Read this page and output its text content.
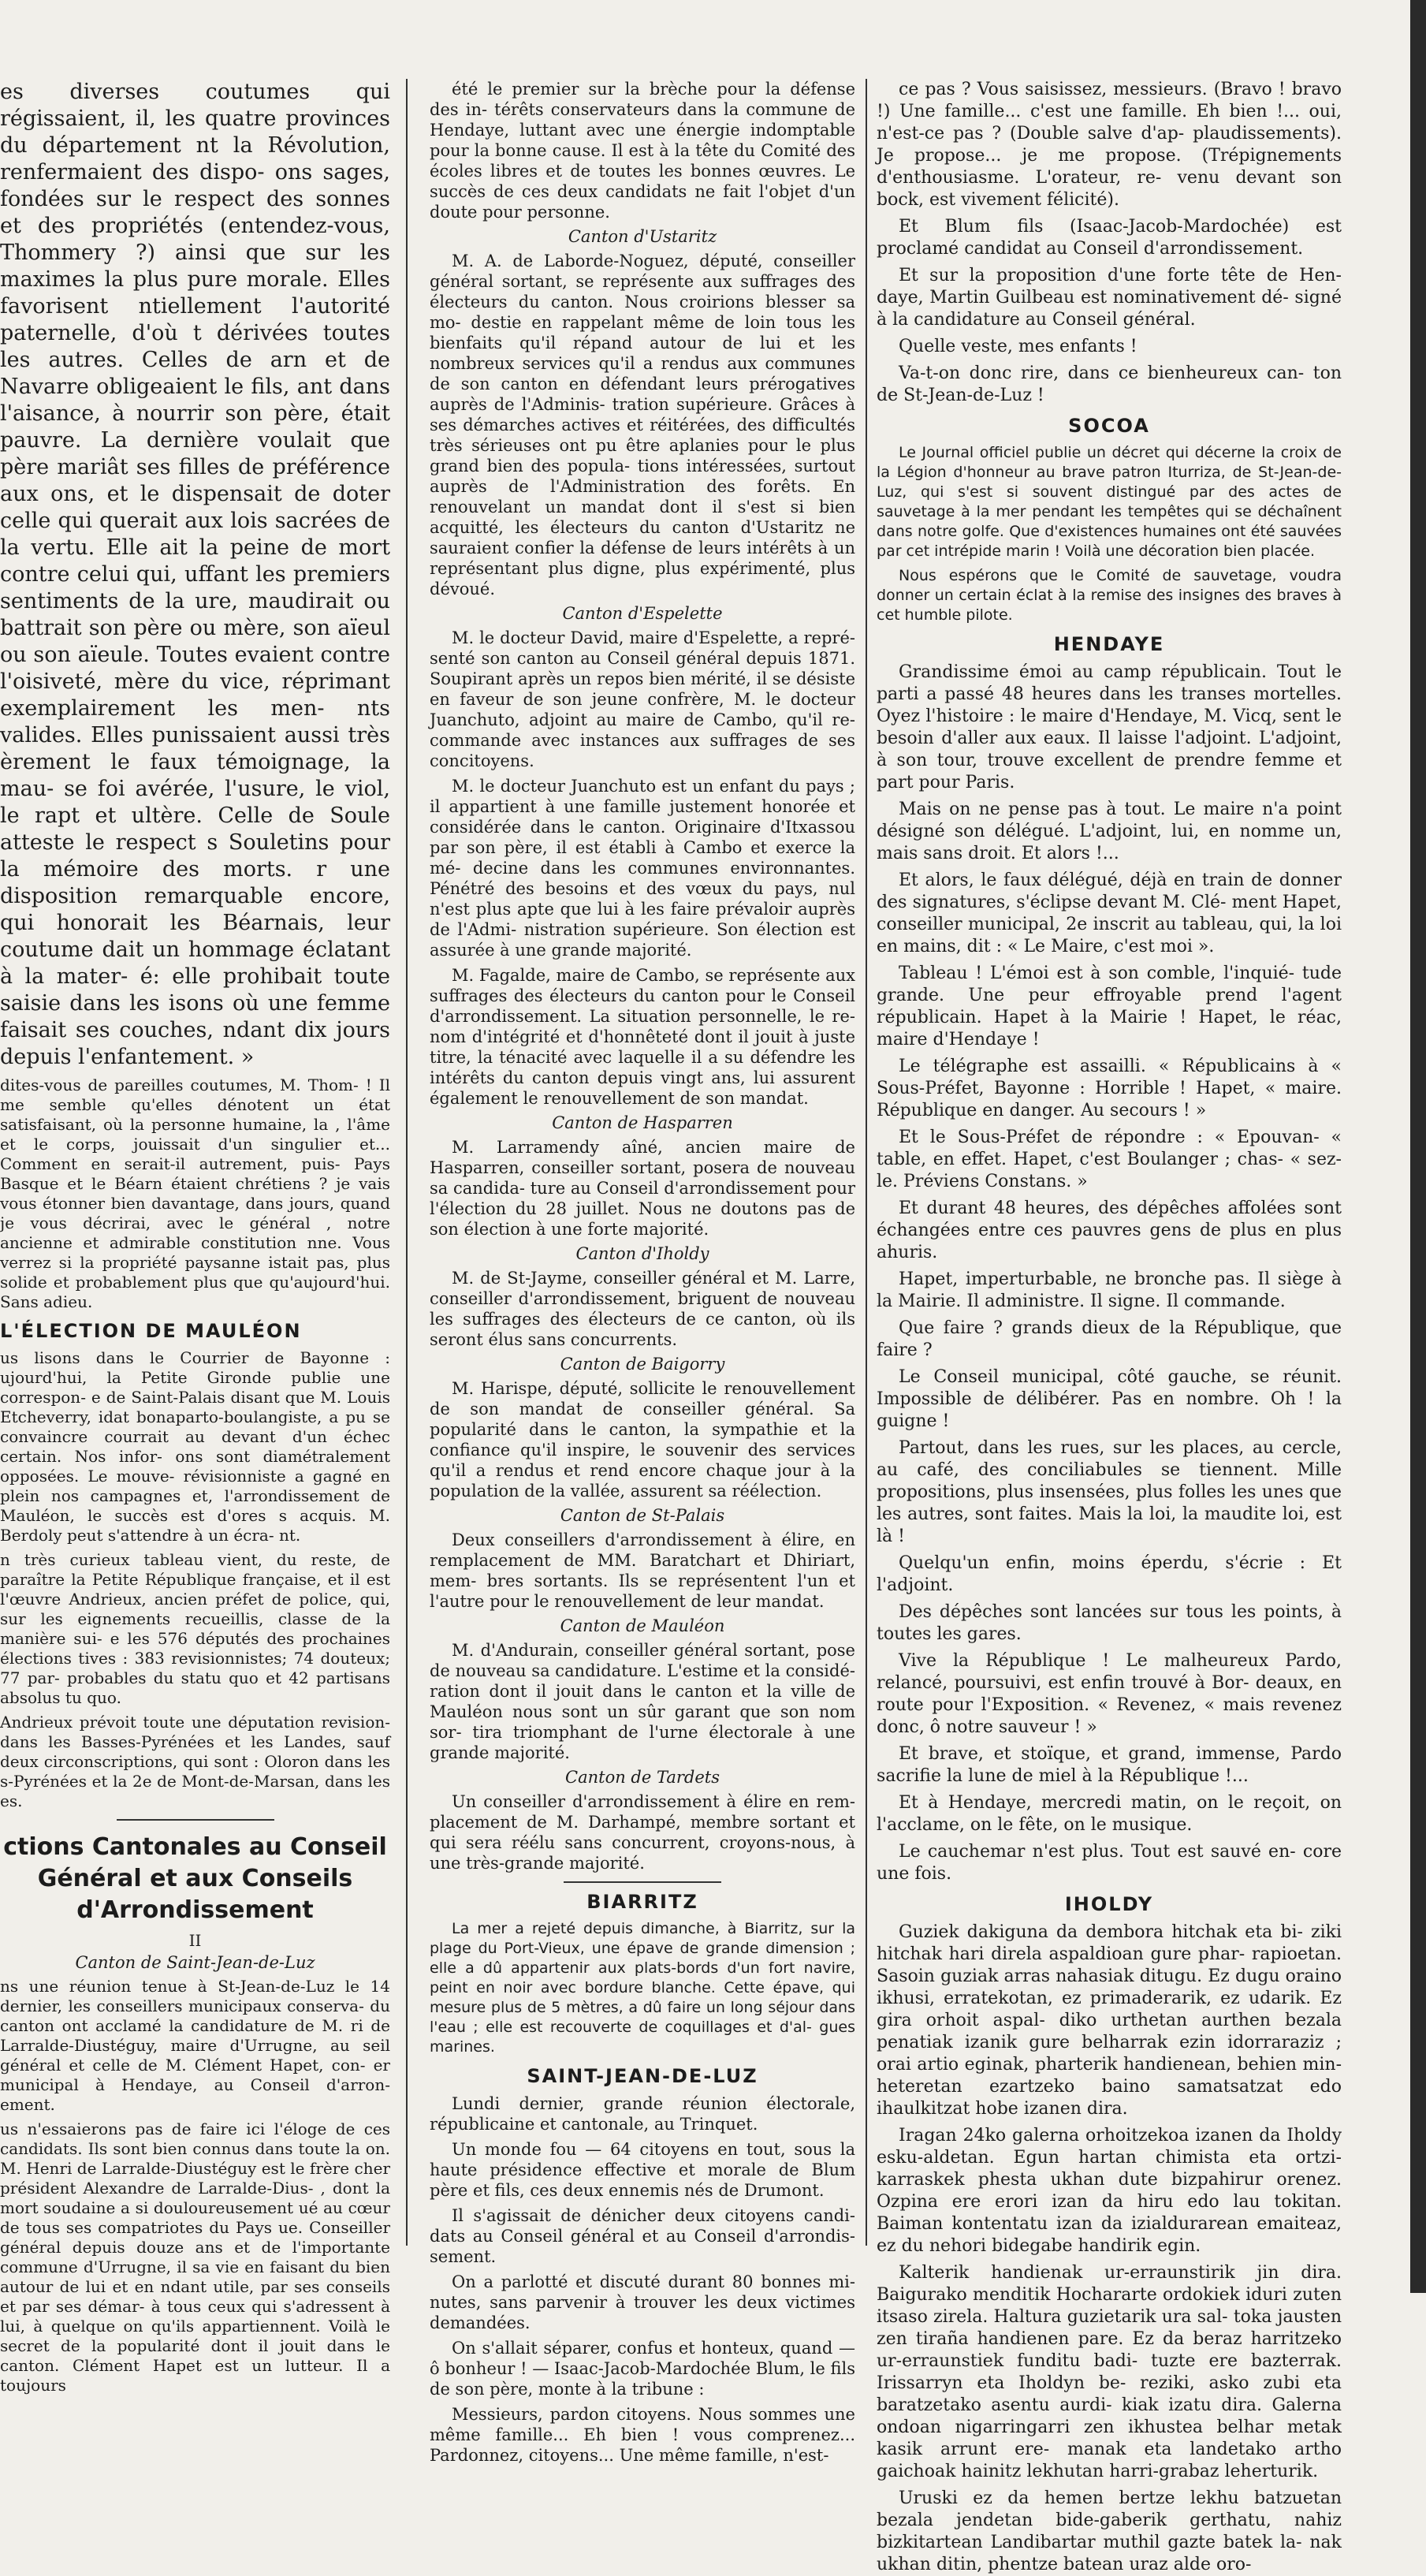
es diverses coutumes qui régissaient, il, les quatre provinces du département nt la Révolution, renfermaient des dispo- ons sages, fondées sur le respect des sonnes et des propriétés (entendez-vous, Thommery ?) ainsi que sur les maximes la plus pure morale. Elles favorisent ntiellement l'autorité paternelle, d'où t dérivées toutes les autres. Celles de arn et de Navarre obligeaient le fils, ant dans l'aisance, à nourrir son père, était pauvre. La dernière voulait que père mariât ses filles de préférence aux ons, et le dispensait de doter celle qui querait aux lois sacrées de la vertu. Elle ait la peine de mort contre celui qui, uffant les premiers sentiments de la ure, maudirait ou battrait son père ou mère, son aïeul ou son aïeule. Toutes evaient contre l'oisiveté, mère du vice, réprimant exemplairement les men- nts valides. Elles punissaient aussi très èrement le faux témoignage, la mau- se foi avérée, l'usure, le viol, le rapt et ultère. Celle de Soule atteste le respect s Souletins pour la mémoire des morts. r une disposition remarquable encore, qui honorait les Béarnais, leur coutume dait un hommage éclatant à la mater- é: elle prohibait toute saisie dans les isons où une femme faisait ses couches, ndant dix jours depuis l'enfantement. »

dites-vous de pareilles coutumes, M. Thom- ! Il me semble qu'elles dénotent un état satisfaisant, où la personne humaine, la , l'âme et le corps, jouissait d'un singulier et... Comment en serait-il autrement, puis- Pays Basque et le Béarn étaient chrétiens ? je vais vous étonner bien davantage, dans jours, quand je vous décrirai, avec le général , notre ancienne et admirable constitution nne. Vous verrez si la propriété paysanne istait pas, plus solide et probablement plus que qu'aujourd'hui. Sans adieu.

L'ÉLECTION DE MAULÉON

us lisons dans le Courrier de Bayonne : ujourd'hui, la Petite Gironde publie une correspon- e de Saint-Palais disant que M. Louis Etcheverry, idat bonaparto-boulangiste, a pu se convaincre courrait au devant d'un échec certain. Nos infor- ons sont diamétralement opposées. Le mouve- révisionniste a gagné en plein nos campagnes et, l'arrondissement de Mauléon, le succès est d'ores s acquis. M. Berdoly peut s'attendre à un écra- nt.

n très curieux tableau vient, du reste, de paraître la Petite République française, et il est l'œuvre Andrieux, ancien préfet de police, qui, sur les eignements recueillis, classe de la manière sui- e les 576 députés des prochaines élections tives : 383 revisionnistes; 74 douteux; 77 par- probables du statu quo et 42 partisans absolus tu quo.

Andrieux prévoit toute une députation revision- dans les Basses-Pyrénées et les Landes, sauf deux circonscriptions, qui sont : Oloron dans les s-Pyrénées et la 2e de Mont-de-Marsan, dans les es.

ctions Cantonales au Conseil Général et aux Conseils d'Arrondissement
II
Canton de Saint-Jean-de-Luz

ns une réunion tenue à St-Jean-de-Luz le 14 dernier, les conseillers municipaux conserva- du canton ont acclamé la candidature de M. ri de Larralde-Diustéguy, maire d'Urrugne, au seil général et celle de M. Clément Hapet, con- er municipal à Hendaye, au Conseil d'arron- ement.

us n'essaierons pas de faire ici l'éloge de ces candidats. Ils sont bien connus dans toute la on. M. Henri de Larralde-Diustéguy est le frère cher président Alexandre de Larralde-Dius- , dont la mort soudaine a si douloureusement ué au cœur de tous ses compatriotes du Pays ue. Conseiller général depuis douze ans et de l'importante commune d'Urrugne, il sa vie en faisant du bien autour de lui et en ndant utile, par ses conseils et par ses démar- à tous ceux qui s'adressent à lui, à quelque on qu'ils appartiennent. Voilà le secret de la popularité dont il jouit dans le canton. Clément Hapet est un lutteur. Il a toujours

été le premier sur la brèche pour la défense des in- térêts conservateurs dans la commune de Hendaye, luttant avec une énergie indomptable pour la bonne cause. Il est à la tête du Comité des écoles libres et de toutes les bonnes œuvres. Le succès de ces deux candidats ne fait l'objet d'un doute pour personne.

Canton d'Ustaritz

M. A. de Laborde-Noguez, député, conseiller général sortant, se représente aux suffrages des électeurs du canton. Nous croirions blesser sa mo- destie en rappelant même de loin tous les bienfaits qu'il répand autour de lui et les nombreux services qu'il a rendus aux communes de son canton en défendant leurs prérogatives auprès de l'Adminis- tration supérieure. Grâces à ses démarches actives et réitérées, des difficultés très sérieuses ont pu être aplanies pour le plus grand bien des popula- tions intéressées, surtout auprès de l'Administration des forêts. En renouvelant un mandat dont il s'est si bien acquitté, les électeurs du canton d'Ustaritz ne sauraient confier la défense de leurs intérêts à un représentant plus digne, plus expérimenté, plus dévoué.

Canton d'Espelette

M. le docteur David, maire d'Espelette, a repré- senté son canton au Conseil général depuis 1871. Soupirant après un repos bien mérité, il se désiste en faveur de son jeune confrère, M. le docteur Juanchuto, adjoint au maire de Cambo, qu'il re- commande avec instances aux suffrages de ses concitoyens.

M. le docteur Juanchuto est un enfant du pays ; il appartient à une famille justement honorée et considérée dans le canton. Originaire d'Itxassou par son père, il est établi à Cambo et exerce la mé- decine dans les communes environnantes. Pénétré des besoins et des vœux du pays, nul n'est plus apte que lui à les faire prévaloir auprès de l'Admi- nistration supérieure. Son élection est assurée à une grande majorité.

M. Fagalde, maire de Cambo, se représente aux suffrages des électeurs du canton pour le Conseil d'arrondissement. La situation personnelle, le re- nom d'intégrité et d'honnêteté dont il jouit à juste titre, la ténacité avec laquelle il a su défendre les intérêts du canton depuis vingt ans, lui assurent également le renouvellement de son mandat.

Canton de Hasparren

M. Larramendy aîné, ancien maire de Hasparren, conseiller sortant, posera de nouveau sa candida- ture au Conseil d'arrondissement pour l'élection du 28 juillet. Nous ne doutons pas de son élection à une forte majorité.

Canton d'Iholdy

M. de St-Jayme, conseiller général et M. Larre, conseiller d'arrondissement, briguent de nouveau les suffrages des électeurs de ce canton, où ils seront élus sans concurrents.

Canton de Baigorry

M. Harispe, député, sollicite le renouvellement de son mandat de conseiller général. Sa popularité dans le canton, la sympathie et la confiance qu'il inspire, le souvenir des services qu'il a rendus et rend encore chaque jour à la population de la vallée, assurent sa réélection.

Canton de St-Palais

Deux conseillers d'arrondissement à élire, en remplacement de MM. Baratchart et Dhiriart, mem- bres sortants. Ils se représentent l'un et l'autre pour le renouvellement de leur mandat.

Canton de Mauléon

M. d'Andurain, conseiller général sortant, pose de nouveau sa candidature. L'estime et la considé- ration dont il jouit dans le canton et la ville de Mauléon nous sont un sûr garant que son nom sor- tira triomphant de l'urne électorale à une grande majorité.

Canton de Tardets

Un conseiller d'arrondissement à élire en rem- placement de M. Darhampé, membre sortant et qui sera réélu sans concurrent, croyons-nous, à une très-grande majorité.

BIARRITZ

La mer a rejeté depuis dimanche, à Biarritz, sur la plage du Port-Vieux, une épave de grande dimension ; elle a dû appartenir aux plats-bords d'un fort navire, peint en noir avec bordure blanche. Cette épave, qui mesure plus de 5 mètres, a dû faire un long séjour dans l'eau ; elle est recouverte de coquillages et d'al- gues marines.

SAINT-JEAN-DE-LUZ

Lundi dernier, grande réunion électorale, républicaine et cantonale, au Trinquet.

Un monde fou — 64 citoyens en tout, sous la haute présidence effective et morale de Blum père et fils, ces deux ennemis nés de Drumont.

Il s'agissait de dénicher deux citoyens candi- dats au Conseil général et au Conseil d'arrondis- sement.

On a parlotté et discuté durant 80 bonnes mi- nutes, sans parvenir à trouver les deux victimes demandées.

On s'allait séparer, confus et honteux, quand — ô bonheur ! — Isaac-Jacob-Mardochée Blum, le fils de son père, monte à la tribune :

Messieurs, pardon citoyens. Nous sommes une même famille... Eh bien ! vous comprenez... Pardonnez, citoyens... Une même famille, n'est-

ce pas ? Vous saisissez, messieurs. (Bravo ! bravo !) Une famille... c'est une famille. Eh bien !... oui, n'est-ce pas ? (Double salve d'ap- plaudissements). Je propose... je me propose. (Trépignements d'enthousiasme. L'orateur, re- venu devant son bock, est vivement félicité).

Et Blum fils (Isaac-Jacob-Mardochée) est proclamé candidat au Conseil d'arrondissement.

Et sur la proposition d'une forte tête de Hen- daye, Martin Guilbeau est nominativement dé- signé à la candidature au Conseil général.

Quelle veste, mes enfants !

Va-t-on donc rire, dans ce bienheureux can- ton de St-Jean-de-Luz !

SOCOA

Le Journal officiel publie un décret qui décerne la croix de la Légion d'honneur au brave patron Iturriza, de St-Jean-de-Luz, qui s'est si souvent distingué par des actes de sauvetage à la mer pendant les tempêtes qui se déchaînent dans notre golfe. Que d'existences humaines ont été sauvées par cet intrépide marin ! Voilà une décoration bien placée.

Nous espérons que le Comité de sauvetage, voudra donner un certain éclat à la remise des insignes des braves à cet humble pilote.

HENDAYE

Grandissime émoi au camp républicain. Tout le parti a passé 48 heures dans les transes mortelles. Oyez l'histoire : le maire d'Hendaye, M. Vicq, sent le besoin d'aller aux eaux. Il laisse l'adjoint. L'adjoint, à son tour, trouve excellent de prendre femme et part pour Paris.

Mais on ne pense pas à tout. Le maire n'a point désigné son délégué. L'adjoint, lui, en nomme un, mais sans droit. Et alors !...

Et alors, le faux délégué, déjà en train de donner des signatures, s'éclipse devant M. Clé- ment Hapet, conseiller municipal, 2e inscrit au tableau, qui, la loi en mains, dit : « Le Maire, c'est moi ».

Tableau ! L'émoi est à son comble, l'inquié- tude grande. Une peur effroyable prend l'agent républicain. Hapet à la Mairie ! Hapet, le réac, maire d'Hendaye !

Le télégraphe est assailli. « Républicains à « Sous-Préfet, Bayonne : Horrible ! Hapet, « maire. République en danger. Au secours ! »

Et le Sous-Préfet de répondre : « Epouvan- « table, en effet. Hapet, c'est Boulanger ; chas- « sez-le. Préviens Constans. »

Et durant 48 heures, des dépêches affolées sont échangées entre ces pauvres gens de plus en plus ahuris.

Hapet, imperturbable, ne bronche pas. Il siège à la Mairie. Il administre. Il signe. Il commande.

Que faire ? grands dieux de la République, que faire ?

Le Conseil municipal, côté gauche, se réunit. Impossible de délibérer. Pas en nombre. Oh ! la guigne !

Partout, dans les rues, sur les places, au cercle, au café, des conciliabules se tiennent. Mille propositions, plus insensées, plus folles les unes que les autres, sont faites. Mais la loi, la maudite loi, est là !

Quelqu'un enfin, moins éperdu, s'écrie : Et l'adjoint.

Des dépêches sont lancées sur tous les points, à toutes les gares.

Vive la République ! Le malheureux Pardo, relancé, poursuivi, est enfin trouvé à Bor- deaux, en route pour l'Exposition. « Revenez, « mais revenez donc, ô notre sauveur ! »

Et brave, et stoïque, et grand, immense, Pardo sacrifie la lune de miel à la République !...

Et à Hendaye, mercredi matin, on le reçoit, on l'acclame, on le fête, on le musique.

Le cauchemar n'est plus. Tout est sauvé en- core une fois.

IHOLDY

Guziek dakiguna da dembora hitchak eta bi- ziki hitchak hari direla aspaldioan gure phar- rapioetan. Sasoin guziak arras nahasiak ditugu. Ez dugu oraino ikhusi, erratekotan, ez primaderarik, ez udarik. Ez gira orhoit aspal- diko urthetan aurthen bezala penatiak izanik gure belharrak ezin idorraraziz ; orai artio eginak, pharterik handienean, behien min- heteretan ezartzeko baino samatsatzat edo ihaulkitzat hobe izanen dira.

Iragan 24ko galerna orhoitzekoa izanen da Iholdy esku-aldetan. Egun hartan chimista eta ortzi-karraskek phesta ukhan dute bizpahirur orenez. Ozpina ere erori izan da hiru edo lau tokitan. Baiman kontentatu izan da izialdurarean emaiteaz, ez du nehori bidegabe handirik egin.

Kalterik handienak ur-erraunstirik jin dira. Baigurako menditik Hochararte ordokiek iduri zuten itsaso zirela. Haltura guzietarik ura sal- toka jausten zen tiraña handienen pare. Ez da beraz harritzeko ur-erraunstiek funditu badi- tuzte ere bazterrak. Irissarryn eta Iholdyn be- reziki, asko zubi eta baratzetako asentu aurdi- kiak izatu dira. Galerna ondoan nigarringarri zen ikhustea belhar metak kasik arrunt ere- manak eta landetako artho gaichoak hainitz lekhutan harri-grabaz leherturik.

Uruski ez da hemen bertze lekhu batzuetan bezala jendetan bide-gaberik gerthatu, nahiz bizkitartean Landibartar muthil gazte batek la- nak ukhan ditin, phentze batean uraz alde oro-
